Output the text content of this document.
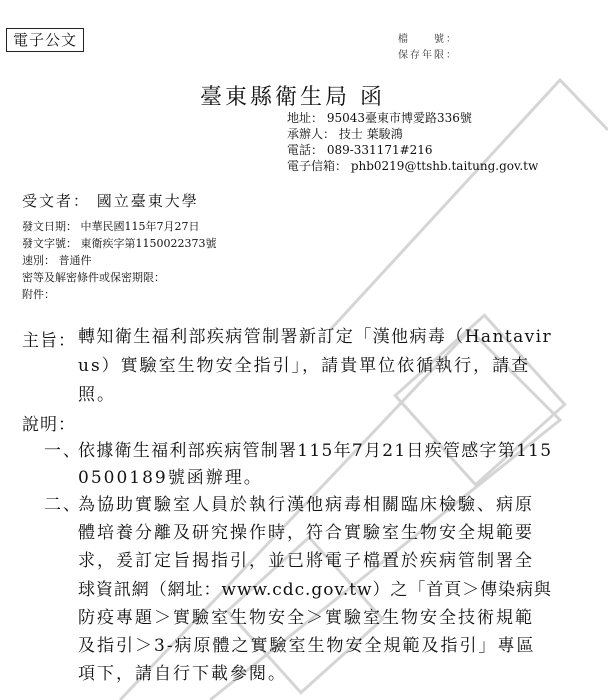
電子公文	檔　　號：
保存年限：
臺東縣衛生局 函
地址： 95043臺東市博愛路336號
承辦人： 技士 葉駿鴻
電話： 089-331171#216
電子信箱： phb0219@ttshb.taitung.gov.tw
受文者： 國立臺東大學
發文日期： 中華民國115年7月27日
發文字號： 東衛疾字第1150022373號
速別： 普通件
密等及解密條件或保密期限：
附件：
主旨： 轉知衛生福利部疾病管制署新訂定「漢他病毒（Hantavir
us）實驗室生物安全指引」，請貴單位依循執行，請查
照。
說明：
一、
依據衛生福利部疾病管制署115年7月21日疾管感字第115
0500189號函辦理。
二、
為協助實驗室人員於執行漢他病毒相關臨床檢驗、病原
體培養分離及研究操作時，符合實驗室生物安全規範要
求，爰訂定旨揭指引，並已將電子檔置於疾病管制署全
球資訊網（網址：www.cdc.gov.tw）之「首頁＞傳染病與
防疫專題＞實驗室生物安全＞實驗室生物安全技術規範
及指引＞3-病原體之實驗室生物安全規範及指引」專區
項下，請自行下載參閱。
